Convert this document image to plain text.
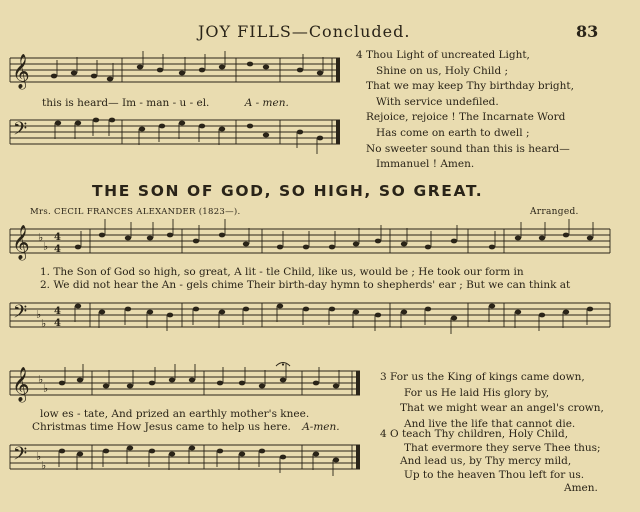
JOY FILLS—Concluded.	83
𝄞
this is heard— Im - man - u - el.	A - men.
𝄢
4 Thou Light of uncreated Light,
Shine on us, Holy Child ;
That we may keep Thy birthday bright,
With service undefiled.
Rejoice, rejoice ! The Incarnate Word
Has come on earth to dwell ;
No sweeter sound than this is heard—
Immanuel ! Amen.
THE SON OF GOD, SO HIGH, SO GREAT.
Mrs. CECIL FRANCES ALEXANDER (1823—).	Arranged.
𝄞 ♭
♭
4
4
1. The Son of God so high, so great, A lit - tle Child, like us, would be ; He took our form in
2. We did not hear the An - gels chime Their birth-day hymn to shepherds' ear ; But we can think at
𝄢 ♭
♭
4
4
𝄞 ♭
♭
low es - tate, And prized an earthly mother's knee.
Christmas time How Jesus came to help us here. A-men.
𝄢 ♭
♭
3 For us the King of kings came down,
For us He laid His glory by,
That we might wear an angel's crown,
And live the life that cannot die.
4 O teach Thy children, Holy Child,
That evermore they serve Thee thus;
And lead us, by Thy mercy mild,
Up to the heaven Thou left for us.
Amen.
